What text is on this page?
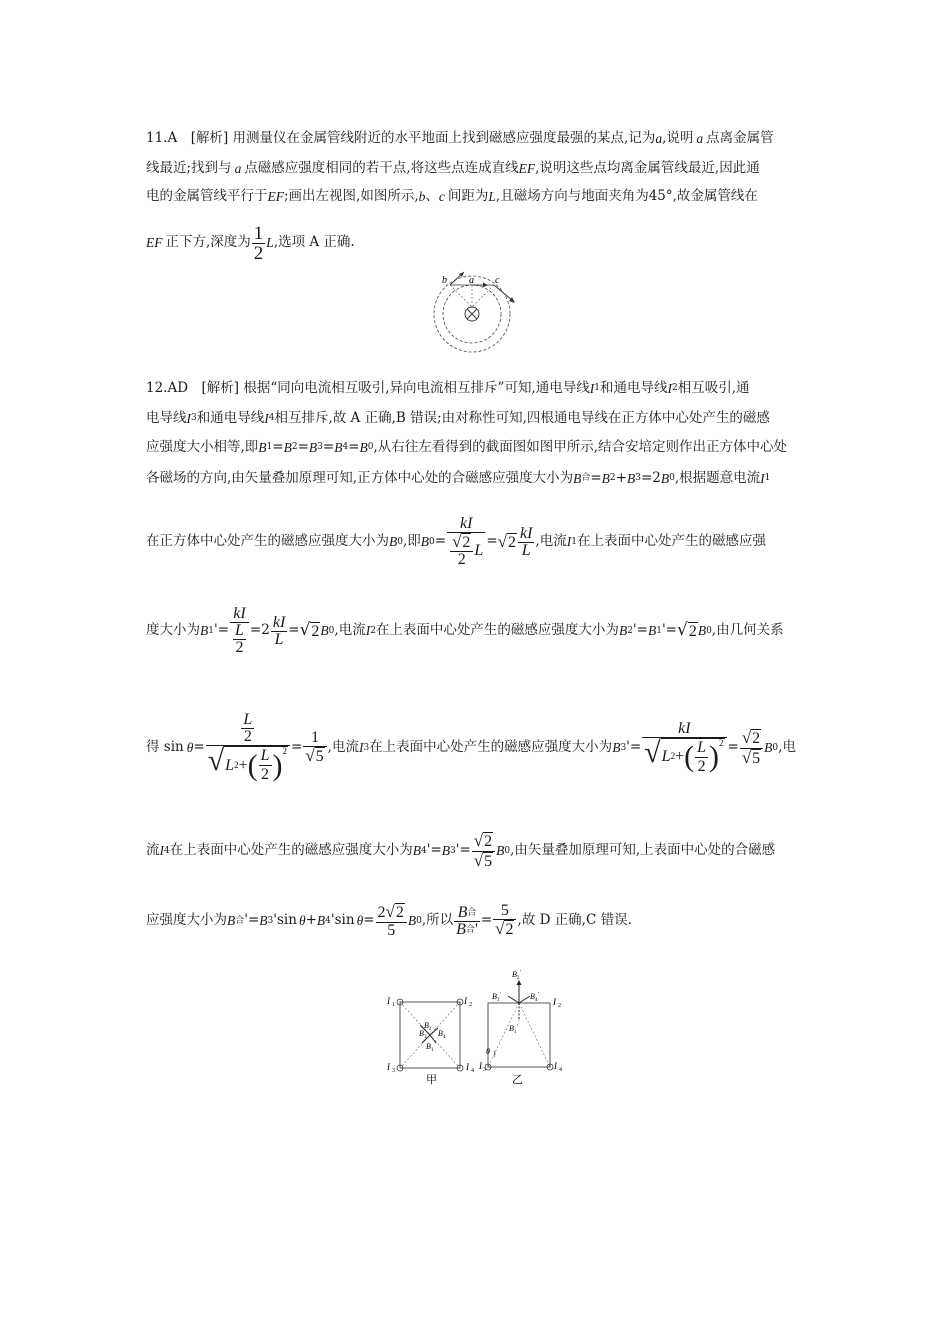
11.A　[解析] 用测量仪在金属管线附近的水平地面上找到磁感应强度最强的某点,记为 a ,说明 a 点离金属管
线最近;找到与 a 点磁感应强度相同的若干点,将这些点连成直线 EF ,说明这些点均离金属管线最近,因此通
电的金属管线平行于 EF ;画出左视图,如图所示, b 、 c 间距为 L ,且磁场方向与地面夹角为45°,故金属管线在
EF 正下方,深度为 $\frac{1}{2}$ L ,选项 A 正确.
b a c
12.AD　[解析] 根据“同向电流相互吸引,异向电流相互排斥”可知,通电导线 I 1 和通电导线 I 2 相互吸引,通
电导线 I 3 和通电导线 I 4 相互排斥,故 A 正确,B 错误;由对称性可知,四根通电导线在正方体中心处产生的磁感
应强度大小相等,即 B 1 = B 2 = B 3 = B 4 = B 0 ,从右往左看得到的截面图如图甲所示,结合安培定则作出正方体中心处
各磁场的方向,由矢量叠加原理可知,正方体中心处的合磁感应强度大小为 B 合 = B 2 + B 3 = 2 B 0 ,根据题意电流 I 1
在正方体中心处产生的磁感应强度大小为 B 0 ,即 B $0 = \frac{\text{k I}}{\frac{√ 2}{2} L}$ = √ $2 \frac{\text{k I}}{L}$ ,电流 I 1 在上表面中心处产生的磁感应强
度大小为 B 1 ' = $\frac{\text{k I}}{\frac{L}{2}} = 2 \frac{\text{k I}}{L}$ = √ 2 B 0 ,电流 I 2 在上表面中心处产生的磁感应强度大小为 B 2 ' = B 1 ' = √ 2 B 0 ,由几何关系
得 $\sin \theta = \frac{\frac{L}{2}}{√ L 2 + ( \frac{L}{2} )^2} = \frac{1}{√ 5}$ ,电流 I 3 在上表面中心处产生的磁感应强度大小为 B 3 ' = $\frac{\text{k I}}{√ L 2 + ( \frac{L}{2} )^2} = \frac{√ 2}{√ 5}$ B 0 ,电
流 I 4 在上表面中心处产生的磁感应强度大小为 B 4 ' = B 3 ' = $\frac{√ 2}{√ 5}$ B 0 ,由矢量叠加原理可知,上表面中心处的合磁感
应强度大小为 B 合 ' = B 3 ' sin θ + B 4 ' $\sin \theta = \frac{2 √ 2}{5}$ B 0 ,所以 $\frac{\text{B 合}}{\text{B 合 '}} = \frac{5}{√ 2}$ ,故 D 正确,C 错误.
I 1	I 2
I 3	I 4
B 2
B 3 B 4
B 1
甲
B 2
'
B 3
'	B 4
'
B 1
'
I 2
θ
I 3	I 4
乙
